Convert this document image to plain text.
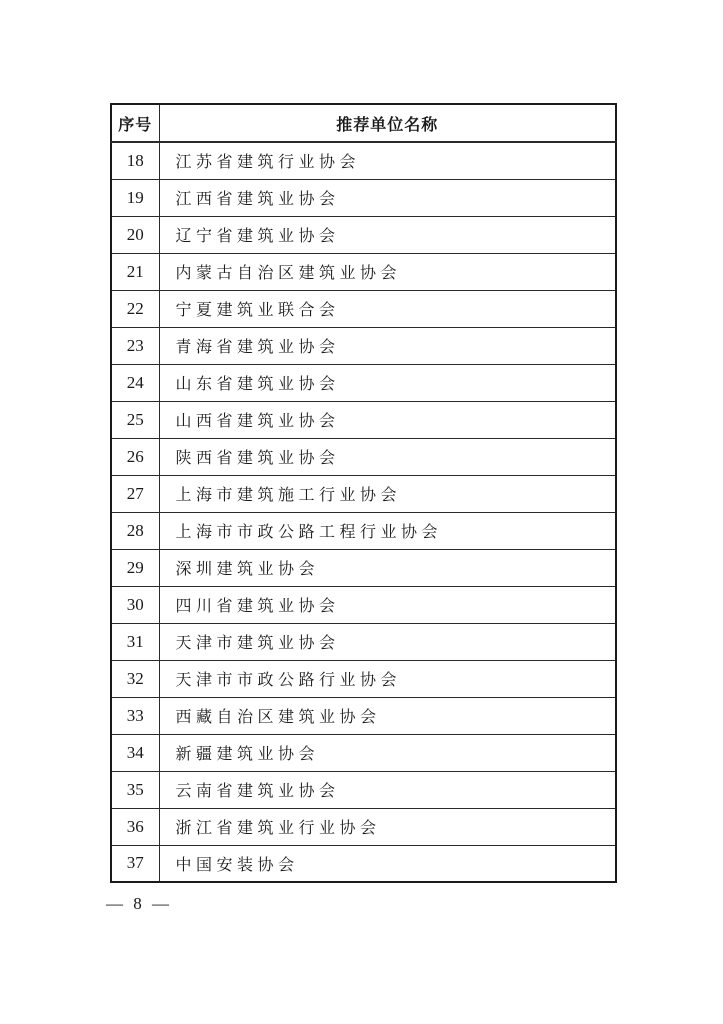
序号	推荐单位名称
18	江苏省建筑行业协会
19	江西省建筑业协会
20	辽宁省建筑业协会
21	内蒙古自治区建筑业协会
22	宁夏建筑业联合会
23	青海省建筑业协会
24	山东省建筑业协会
25	山西省建筑业协会
26	陕西省建筑业协会
27	上海市建筑施工行业协会
28	上海市市政公路工程行业协会
29	深圳建筑业协会
30	四川省建筑业协会
31	天津市建筑业协会
32	天津市市政公路行业协会
33	西藏自治区建筑业协会
34	新疆建筑业协会
35	云南省建筑业协会
36	浙江省建筑业行业协会
37	中国安装协会
— 8 —
